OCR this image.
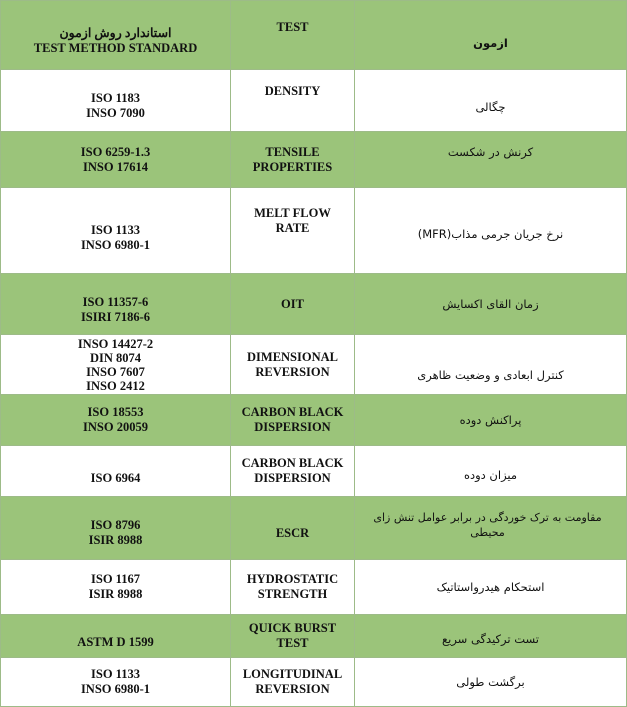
استاندارد روش ازمون
TEST METHOD STANDARD	TEST	ازمون

ISO 1183
INSO 7090	DENSITY	چگالی

ISO 6259-1.3
INSO 17614	TENSILE
PROPERTIES	کرنش در شکست

ISO 1133
INSO 6980-1	MELT FLOW
RATE	نرخ جریان جرمی مذاب(MFR)

ISO 11357-6
ISIRI 7186-6	OIT	زمان القای اکسایش

INSO 14427-2
DIN 8074
INSO 7607
INSO 2412	DIMENSIONAL
REVERSION	کنترل ابعادی و وضعیت ظاهری

ISO 18553
INSO 20059	CARBON BLACK
DISPERSION	پراکنش دوده

ISO 6964	CARBON BLACK
DISPERSION	میزان دوده

ISO 8796
ISIR 8988	ESCR	مقاومت به ترک خوردگی در برابر عوامل تنش زای محیطی

ISO 1167
ISIR 8988	HYDROSTATIC
STRENGTH	استحکام هیدرواستاتیک

ASTM D 1599	QUICK BURST
TEST	تست ترکیدگی سریع

ISO 1133
INSO 6980-1	LONGITUDINAL
REVERSION	برگشت طولی
